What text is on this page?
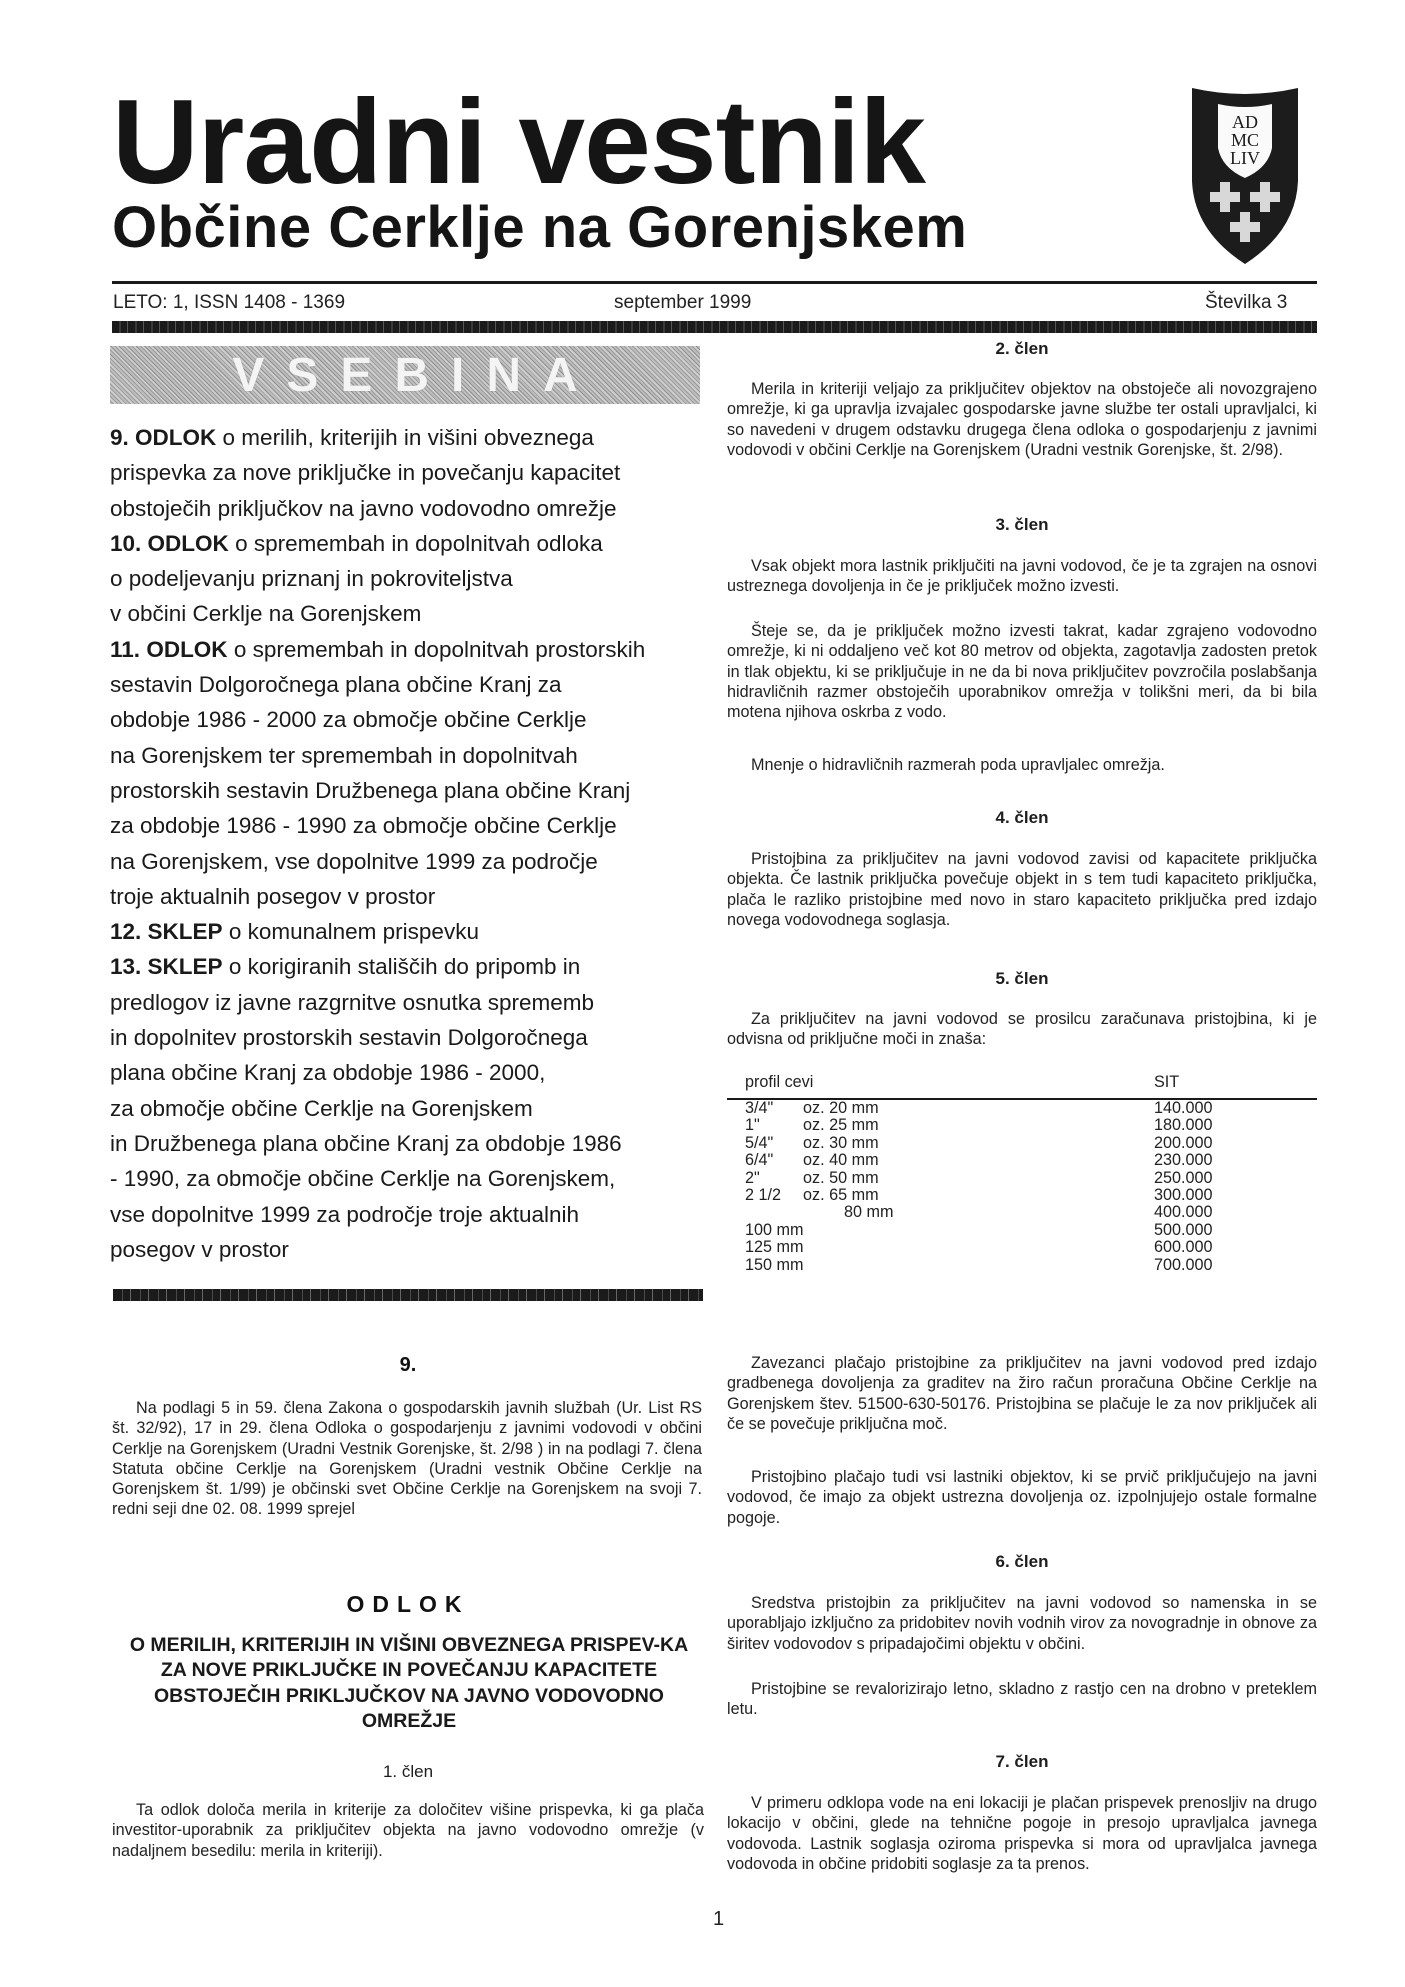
Uradni vestnik
Občine Cerklje na Gorenjskem
AD
MC
LIV
LETO: 1, ISSN 1408 - 1369	september 1999	Številka 3
VSEBINA
9. ODLOK o merilih, kriterijih in višini obveznega
prispevka za nove priključke in povečanju kapacitet
obstoječih priključkov na javno vodovodno omrežje
10. ODLOK o spremembah in dopolnitvah odloka
o podeljevanju priznanj in pokroviteljstva
v občini Cerklje na Gorenjskem
11. ODLOK o spremembah in dopolnitvah prostorskih
sestavin Dolgoročnega plana občine Kranj za
obdobje 1986 - 2000 za območje občine Cerklje
na Gorenjskem ter spremembah in dopolnitvah
prostorskih sestavin Družbenega plana občine Kranj
za obdobje 1986 - 1990 za območje občine Cerklje
na Gorenjskem, vse dopolnitve 1999 za področje
troje aktualnih posegov v prostor
12. SKLEP o komunalnem prispevku
13. SKLEP o korigiranih stališčih do pripomb in
predlogov iz javne razgrnitve osnutka sprememb
in dopolnitev prostorskih sestavin Dolgoročnega
plana občine Kranj za obdobje 1986 - 2000,
za območje občine Cerklje na Gorenjskem
in Družbenega plana občine Kranj za obdobje 1986
- 1990, za območje občine Cerklje na Gorenjskem,
vse dopolnitve 1999 za področje troje aktualnih
posegov v prostor
9.

Na podlagi 5 in 59. člena Zakona o gospodarskih javnih službah (Ur. List RS št. 32/92), 17 in 29. člena Odloka o gospodarjenju z javnimi vodovodi v občini Cerklje na Gorenjskem (Uradni Vestnik Gorenjske, št. 2/98 ) in na podlagi 7. člena Statuta občine Cerklje na Gorenjskem (Uradni vestnik Občine Cerklje na Gorenjskem št. 1/99) je občinski svet Občine Cerklje na Gorenjskem na svoji 7. redni seji dne 02. 08. 1999 sprejel

ODLOK
O MERILIH, KRITERIJIH IN VIŠINI OBVEZNEGA PRISPEV-KA ZA NOVE PRIKLJUČKE IN POVEČANJU KAPACITETE OBSTOJEČIH PRIKLJUČKOV NA JAVNO VODOVODNO OMREŽJE
1. člen

Ta odlok določa merila in kriterije za določitev višine prispevka, ki ga plača investitor-uporabnik za priključitev objekta na javno vodovodno omrežje (v nadaljnem besedilu: merila in kriteriji).

2. člen

Merila in kriteriji veljajo za priključitev objektov na obstoječe ali novozgrajeno omrežje, ki ga upravlja izvajalec gospodarske javne službe ter ostali upravljalci, ki so navedeni v drugem odstavku drugega člena odloka o gospodarjenju z javnimi vodovodi v občini Cerklje na Gorenjskem (Uradni vestnik Gorenjske, št. 2/98).

3. člen

Vsak objekt mora lastnik priključiti na javni vodovod, če je ta zgrajen na osnovi ustreznega dovoljenja in če je priključek možno izvesti.

Šteje se, da je priključek možno izvesti takrat, kadar zgrajeno vodovodno omrežje, ki ni oddaljeno več kot 80 metrov od objekta, zagotavlja zadosten pretok in tlak objektu, ki se priključuje in ne da bi nova priključitev povzročila poslabšanja hidravličnih razmer obstoječih uporabnikov omrežja v tolikšni meri, da bi bila motena njihova oskrba z vodo.

Mnenje o hidravličnih razmerah poda upravljalec omrežja.

4. člen

Pristojbina za priključitev na javni vodovod zavisi od kapacitete priključka objekta. Če lastnik priključka povečuje objekt in s tem tudi kapaciteto priključka, plača le razliko pristojbine med novo in staro kapaciteto priključka pred izdajo novega vodovodnega soglasja.

5. člen

Za priključitev na javni vodovod se prosilcu zaračunava pristojbina, ki je odvisna od priključne moči in znaša:

profil cevi		SIT

3/4"	oz. 20 mm	140.000
1"	oz. 25 mm	180.000
5/4"	oz. 30 mm	200.000
6/4"	oz. 40 mm	230.000
2"	oz. 50 mm	250.000
2 1/2	oz. 65 mm	300.000
	80 mm	400.000
100 mm		500.000
125 mm		600.000
150 mm		700.000

Zavezanci plačajo pristojbine za priključitev na javni vodovod pred izdajo gradbenega dovoljenja za graditev na žiro račun proračuna Občine Cerklje na Gorenjskem štev. 51500-630-50176. Pristojbina se plačuje le za nov priključek ali če se povečuje priključna moč.

Pristojbino plačajo tudi vsi lastniki objektov, ki se prvič priključujejo na javni vodovod, če imajo za objekt ustrezna dovoljenja oz. izpolnjujejo ostale formalne pogoje.

6. člen

Sredstva pristojbin za priključitev na javni vodovod so namenska in se uporabljajo izključno za pridobitev novih vodnih virov za novogradnje in obnove za širitev vodovodov s pripadajočimi objektu v občini.

Pristojbine se revalorizirajo letno, skladno z rastjo cen na drobno v preteklem letu.

7. člen

V primeru odklopa vode na eni lokaciji je plačan prispevek prenosljiv na drugo lokacijo v občini, glede na tehnične pogoje in presojo upravljalca javnega vodovoda. Lastnik soglasja oziroma prispevka si mora od upravljalca javnega vodovoda in občine pridobiti soglasje za ta prenos.

1
